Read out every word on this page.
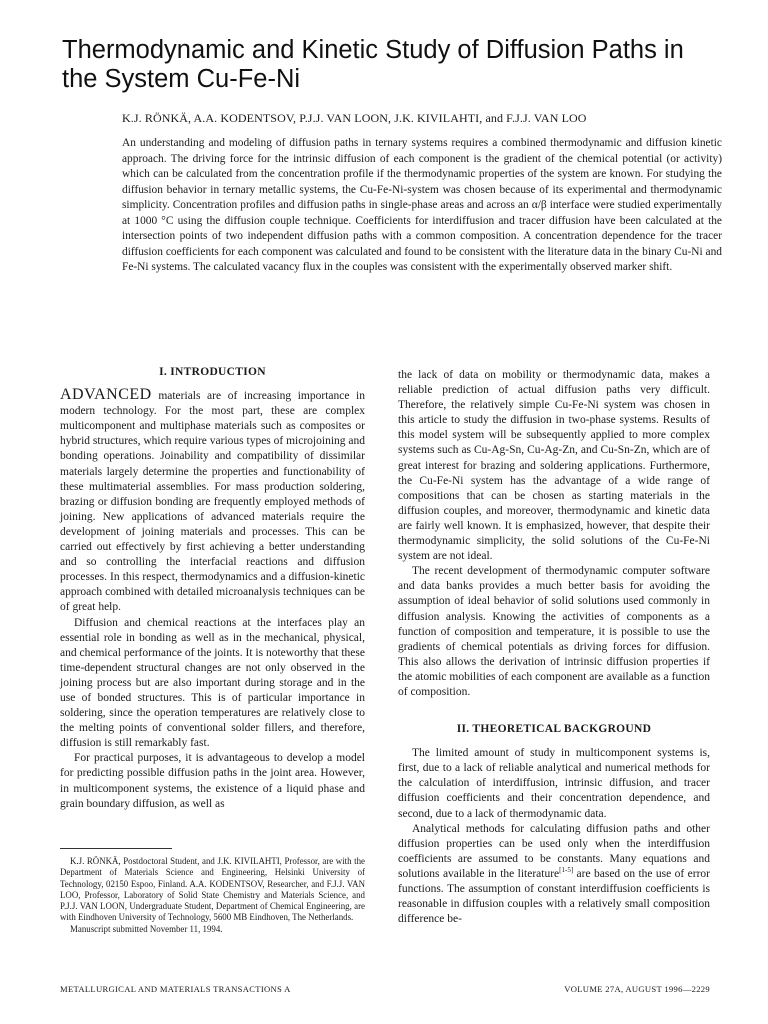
Thermodynamic and Kinetic Study of Diffusion Paths in the System Cu-Fe-Ni

K.J. RÖNKÄ, A.A. KODENTSOV, P.J.J. VAN LOON, J.K. KIVILAHTI, and F.J.J. VAN LOO

An understanding and modeling of diffusion paths in ternary systems requires a combined thermodynamic and diffusion kinetic approach. The driving force for the intrinsic diffusion of each component is the gradient of the chemical potential (or activity) which can be calculated from the concentration profile if the thermodynamic properties of the system are known. For studying the diffusion behavior in ternary metallic systems, the Cu-Fe-Ni-system was chosen because of its experimental and thermodynamic simplicity. Concentration profiles and diffusion paths in single-phase areas and across an α/β interface were studied experimentally at 1000 °C using the diffusion couple technique. Coefficients for interdiffusion and tracer diffusion have been calculated at the intersection points of two independent diffusion paths with a common composition. A concentration dependence for the tracer diffusion coefficients for each component was calculated and found to be consistent with the literature data in the binary Cu-Ni and Fe-Ni systems. The calculated vacancy flux in the couples was consistent with the experimentally observed marker shift.

I. INTRODUCTION

ADVANCED materials are of increasing importance in modern technology. For the most part, these are complex multicomponent and multiphase materials such as composites or hybrid structures, which require various types of microjoining and bonding operations. Joinability and compatibility of dissimilar materials largely determine the properties and functionability of these multimaterial assemblies. For mass production soldering, brazing or diffusion bonding are frequently employed methods of joining. New applications of advanced materials require the development of joining materials and processes. This can be carried out effectively by first achieving a better understanding and so controlling the interfacial reactions and diffusion processes. In this respect, thermodynamics and a diffusion-kinetic approach combined with detailed microanalysis techniques can be of great help.

Diffusion and chemical reactions at the interfaces play an essential role in bonding as well as in the mechanical, physical, and chemical performance of the joints. It is noteworthy that these time-dependent structural changes are not only observed in the joining process but are also important during storage and in the use of bonded structures. This is of particular importance in soldering, since the operation temperatures are relatively close to the melting points of conventional solder fillers, and therefore, diffusion is still remarkably fast.

For practical purposes, it is advantageous to develop a model for predicting possible diffusion paths in the joint area. However, in multicomponent systems, the existence of a liquid phase and grain boundary diffusion, as well as

the lack of data on mobility or thermodynamic data, makes a reliable prediction of actual diffusion paths very difficult. Therefore, the relatively simple Cu-Fe-Ni system was chosen in this article to study the diffusion in two-phase systems. Results of this model system will be subsequently applied to more complex systems such as Cu-Ag-Sn, Cu-Ag-Zn, and Cu-Sn-Zn, which are of great interest for brazing and soldering applications. Furthermore, the Cu-Fe-Ni system has the advantage of a wide range of compositions that can be chosen as starting materials in the diffusion couples, and moreover, thermodynamic and kinetic data are fairly well known. It is emphasized, however, that despite their thermodynamic simplicity, the solid solutions of the Cu-Fe-Ni system are not ideal.

The recent development of thermodynamic computer software and data banks provides a much better basis for avoiding the assumption of ideal behavior of solid solutions used commonly in diffusion analysis. Knowing the activities of components as a function of composition and temperature, it is possible to use the gradients of chemical potentials as driving forces for diffusion. This also allows the derivation of intrinsic diffusion properties if the atomic mobilities of each component are available as a function of composition.

II. THEORETICAL BACKGROUND

The limited amount of study in multicomponent systems is, first, due to a lack of reliable analytical and numerical methods for the calculation of interdiffusion, intrinsic diffusion, and tracer diffusion coefficients and their concentration dependence, and second, due to a lack of thermodynamic data.

Analytical methods for calculating diffusion paths and other diffusion properties can be used only when the interdiffusion coefficients are assumed to be constants. Many equations and solutions available in the literature[1-5] are based on the use of error functions. The assumption of constant interdiffusion coefficients is reasonable in diffusion couples with a relatively small composition difference be-

K.J. RÖNKÄ, Postdoctoral Student, and J.K. KIVILAHTI, Professor, are with the Department of Materials Science and Engineering, Helsinki University of Technology, 02150 Espoo, Finland. A.A. KODENTSOV, Researcher, and F.J.J. VAN LOO, Professor, Laboratory of Solid State Chemistry and Materials Science, and P.J.J. VAN LOON, Undergraduate Student, Department of Chemical Engineering, are with Eindhoven University of Technology, 5600 MB Eindhoven, The Netherlands.

Manuscript submitted November 11, 1994.

METALLURGICAL AND MATERIALS TRANSACTIONS A	VOLUME 27A, AUGUST 1996—2229
